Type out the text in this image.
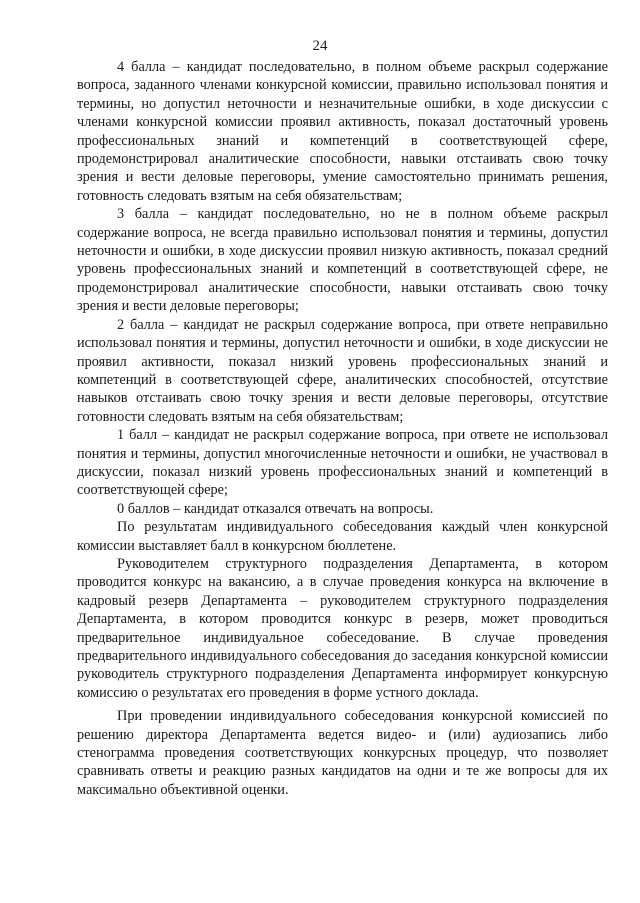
24

4 балла – кандидат последовательно, в полном объеме раскрыл содержание вопроса, заданного членами конкурсной комиссии, правильно использовал понятия и термины, но допустил неточности и незначительные ошибки, в ходе дискуссии с членами конкурсной комиссии проявил активность, показал достаточный уровень профессиональных знаний и компетенций в соответствующей сфере, продемонстрировал аналитические способности, навыки отстаивать свою точку зрения и вести деловые переговоры, умение самостоятельно принимать решения, готовность следовать взятым на себя обязательствам;

3 балла – кандидат последовательно, но не в полном объеме раскрыл содержание вопроса, не всегда правильно использовал понятия и термины, допустил неточности и ошибки, в ходе дискуссии проявил низкую активность, показал средний уровень профессиональных знаний и компетенций в соответствующей сфере, не продемонстрировал аналитические способности, навыки отстаивать свою точку зрения и вести деловые переговоры;

2 балла – кандидат не раскрыл содержание вопроса, при ответе неправильно использовал понятия и термины, допустил неточности и ошибки, в ходе дискуссии не проявил активности, показал низкий уровень профессиональных знаний и компетенций в соответствующей сфере, аналитических способностей, отсутствие навыков отстаивать свою точку зрения и вести деловые переговоры, отсутствие готовности следовать взятым на себя обязательствам;

1 балл – кандидат не раскрыл содержание вопроса, при ответе не использовал понятия и термины, допустил многочисленные неточности и ошибки, не участвовал в дискуссии, показал низкий уровень профессиональных знаний и компетенций в соответствующей сфере;

0 баллов – кандидат отказался отвечать на вопросы.

По результатам индивидуального собеседования каждый член конкурсной комиссии выставляет балл в конкурсном бюллетене.

Руководителем структурного подразделения Департамента, в котором проводится конкурс на вакансию, а в случае проведения конкурса на включение в кадровый резерв Департамента – руководителем структурного подразделения Департамента, в котором проводится конкурс в резерв, может проводиться предварительное индивидуальное собеседование. В случае проведения предварительного индивидуального собеседования до заседания конкурсной комиссии руководитель структурного подразделения Департамента информирует конкурсную комиссию о результатах его проведения в форме устного доклада.

При проведении индивидуального собеседования конкурсной комиссией по решению директора Департамента ведется видео- и (или) аудиозапись либо стенограмма проведения соответствующих конкурсных процедур, что позволяет сравнивать ответы и реакцию разных кандидатов на одни и те же вопросы для их максимально объективной оценки.
